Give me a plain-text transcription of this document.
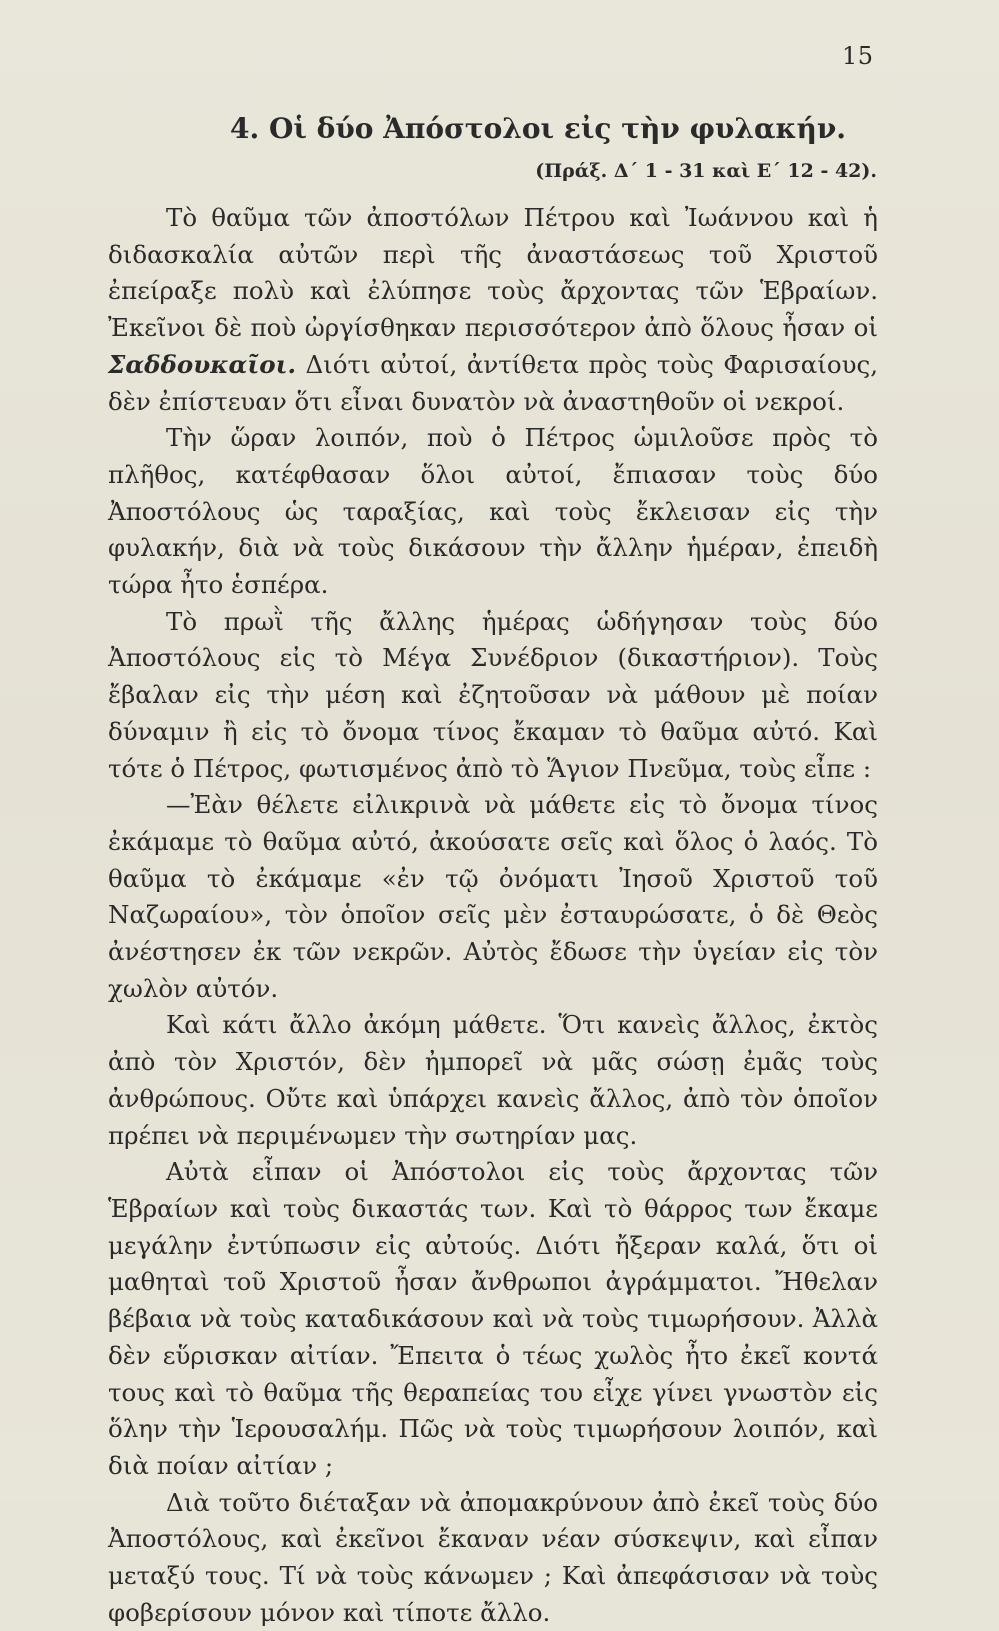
15
4. Οἱ δύο Ἀπόστολοι εἰς τὴν φυλακήν.
(Πράξ. Δ΄ 1 - 31 καὶ Ε΄ 12 - 42).

Τὸ θαῦμα τῶν ἀποστόλων Πέτρου καὶ Ἰωάννου καὶ ἡ διδασκαλία αὐτῶν περὶ τῆς ἀναστάσεως τοῦ Χριστοῦ ἐπείραξε πολὺ καὶ ἐλύπησε τοὺς ἄρχοντας τῶν Ἑβραίων. Ἐκεῖνοι δὲ ποὺ ὠργίσθηκαν περισσότερον ἀπὸ ὅλους ἦσαν οἱ Σαδδουκαῖοι. Διότι αὐτοί, ἀντίθετα πρὸς τοὺς Φαρισαίους, δὲν ἐπίστευαν ὅτι εἶναι δυνατὸν νὰ ἀναστηθοῦν οἱ νεκροί.

Τὴν ὥραν λοιπόν, ποὺ ὁ Πέτρος ὡμιλοῦσε πρὸς τὸ πλῆθος, κατέφθασαν ὅλοι αὐτοί, ἔπιασαν τοὺς δύο Ἀποστόλους ὡς ταραξίας, καὶ τοὺς ἔκλεισαν εἰς τὴν φυλακήν, διὰ νὰ τοὺς δικάσουν τὴν ἄλλην ἡμέραν, ἐπειδὴ τώρα ἦτο ἑσπέρα.

Τὸ πρωῒ τῆς ἄλλης ἡμέρας ὡδήγησαν τοὺς δύο Ἀποστόλους εἰς τὸ Μέγα Συνέδριον (δικαστήριον). Τοὺς ἔβαλαν εἰς τὴν μέση καὶ ἐζητοῦσαν νὰ μάθουν μὲ ποίαν δύναμιν ἢ εἰς τὸ ὄνομα τίνος ἔκαμαν τὸ θαῦμα αὐτό. Καὶ τότε ὁ Πέτρος, φωτισμένος ἀπὸ τὸ Ἅγιον Πνεῦμα, τοὺς εἶπε :

—Ἐὰν θέλετε εἰλικρινὰ νὰ μάθετε εἰς τὸ ὄνομα τίνος ἐκάμαμε τὸ θαῦμα αὐτό, ἀκούσατε σεῖς καὶ ὅλος ὁ λαός. Τὸ θαῦμα τὸ ἐκάμαμε «ἐν τῷ ὀνόματι Ἰησοῦ Χριστοῦ τοῦ Ναζωραίου», τὸν ὁποῖον σεῖς μὲν ἐσταυρώσατε, ὁ δὲ Θεὸς ἀνέστησεν ἐκ τῶν νεκρῶν. Αὐτὸς ἔδωσε τὴν ὑγείαν εἰς τὸν χωλὸν αὐτόν.

Καὶ κάτι ἄλλο ἀκόμη μάθετε. Ὅτι κανεὶς ἄλλος, ἐκτὸς ἀπὸ τὸν Χριστόν, δὲν ἠμπορεῖ νὰ μᾶς σώσῃ ἐμᾶς τοὺς ἀνθρώπους. Οὔτε καὶ ὑπάρχει κανεὶς ἄλλος, ἀπὸ τὸν ὁποῖον πρέπει νὰ περιμένωμεν τὴν σωτηρίαν μας.

Αὐτὰ εἶπαν οἱ Ἀπόστολοι εἰς τοὺς ἄρχοντας τῶν Ἑβραίων καὶ τοὺς δικαστάς των. Καὶ τὸ θάρρος των ἔκαμε μεγάλην ἐντύπωσιν εἰς αὐτούς. Διότι ἤξεραν καλά, ὅτι οἱ μαθηταὶ τοῦ Χριστοῦ ἦσαν ἄνθρωποι ἀγράμματοι. Ἤθελαν βέβαια νὰ τοὺς καταδικάσουν καὶ νὰ τοὺς τιμωρήσουν. Ἀλλὰ δὲν εὕρισκαν αἰτίαν. Ἔπειτα ὁ τέως χωλὸς ἦτο ἐκεῖ κοντά τους καὶ τὸ θαῦμα τῆς θεραπείας του εἶχε γίνει γνωστὸν εἰς ὅλην τὴν Ἱερουσαλήμ. Πῶς νὰ τοὺς τιμωρήσουν λοιπόν, καὶ διὰ ποίαν αἰτίαν ;

Διὰ τοῦτο διέταξαν νὰ ἀπομακρύνουν ἀπὸ ἐκεῖ τοὺς δύο Ἀποστόλους, καὶ ἐκεῖνοι ἔκαναν νέαν σύσκεψιν, καὶ εἶπαν μεταξύ τους. Τί νὰ τοὺς κάνωμεν ; Καὶ ἀπεφάσισαν νὰ τοὺς φοβερίσουν μόνον καὶ τίποτε ἄλλο.
